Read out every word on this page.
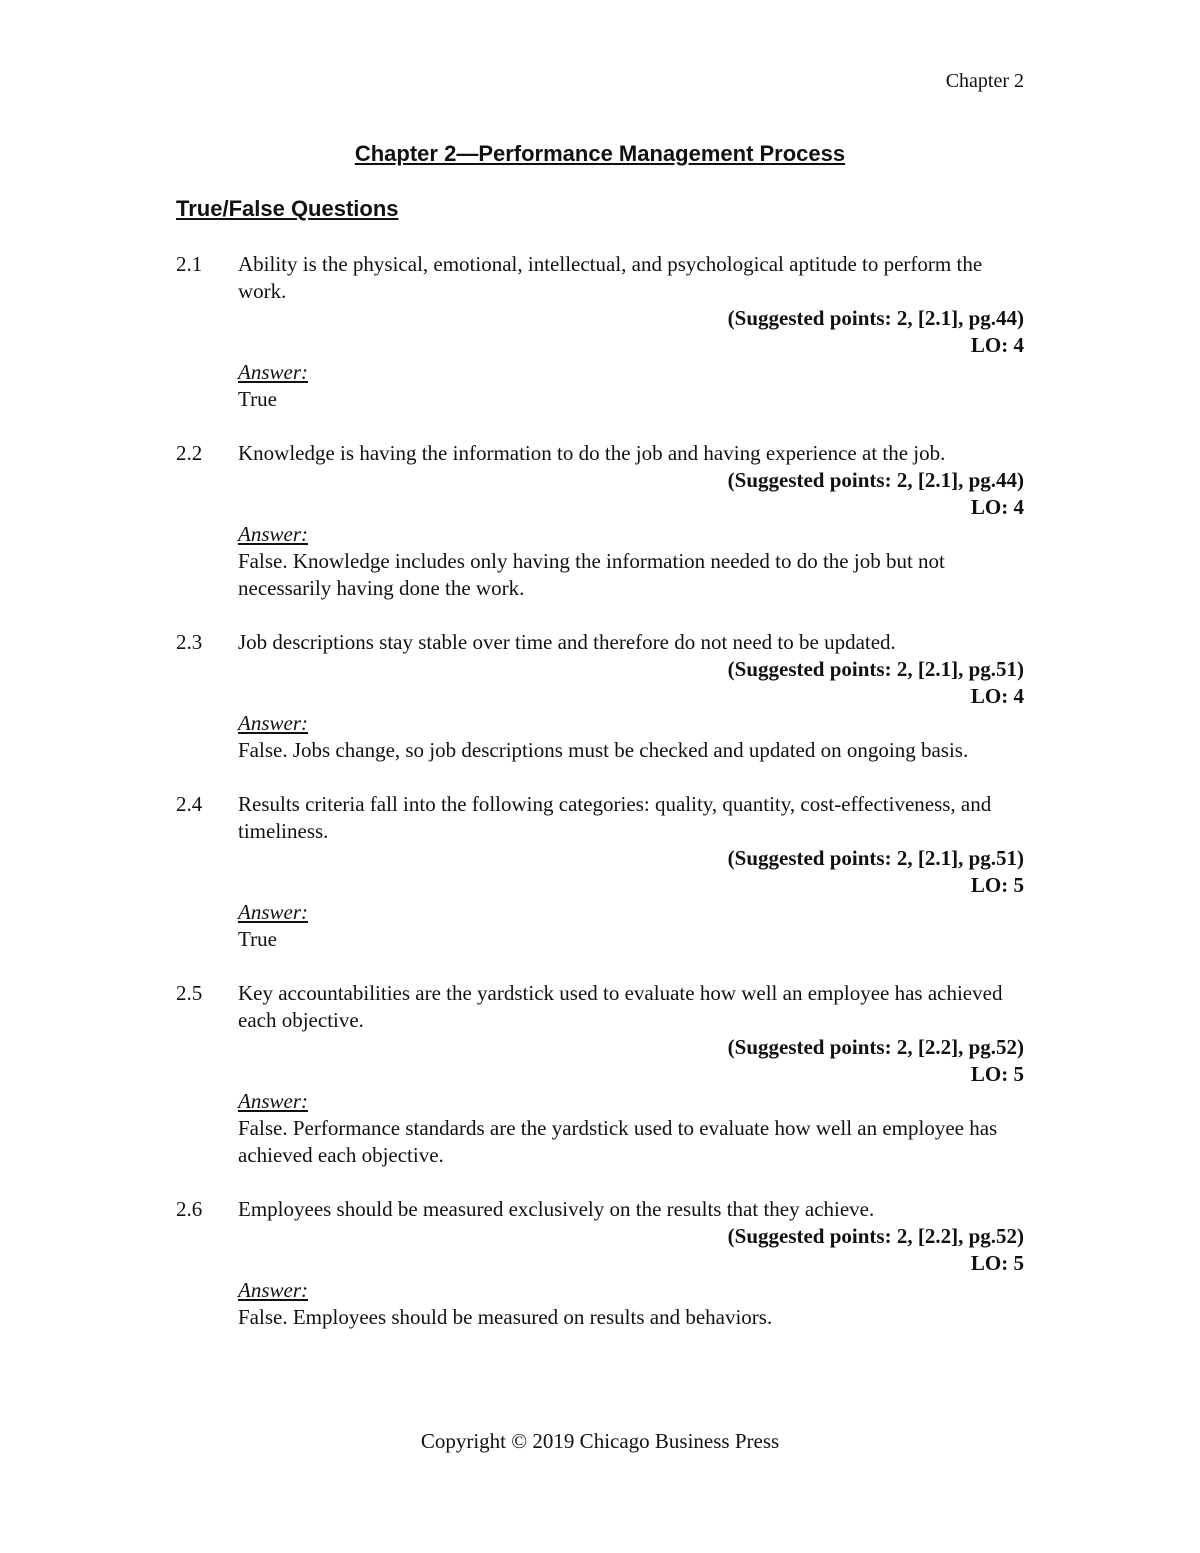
Chapter 2
Chapter 2—Performance Management Process
True/False Questions
2.1	Ability is the physical, emotional, intellectual, and psychological aptitude to perform the work.
(Suggested points: 2, [2.1], pg.44)
LO: 4
Answer:
True
2.2	Knowledge is having the information to do the job and having experience at the job.
(Suggested points: 2, [2.1], pg.44)
LO: 4
Answer:
False. Knowledge includes only having the information needed to do the job but not necessarily having done the work.
2.3	Job descriptions stay stable over time and therefore do not need to be updated.
(Suggested points: 2, [2.1], pg.51)
LO: 4
Answer:
False. Jobs change, so job descriptions must be checked and updated on ongoing basis.
2.4	Results criteria fall into the following categories: quality, quantity, cost-effectiveness, and timeliness.
(Suggested points: 2, [2.1], pg.51)
LO: 5
Answer:
True
2.5	Key accountabilities are the yardstick used to evaluate how well an employee has achieved each objective.
(Suggested points: 2, [2.2], pg.52)
LO: 5
Answer:
False. Performance standards are the yardstick used to evaluate how well an employee has achieved each objective.
2.6	Employees should be measured exclusively on the results that they achieve.
(Suggested points: 2, [2.2], pg.52)
LO: 5
Answer:
False. Employees should be measured on results and behaviors.
Copyright © 2019 Chicago Business Press
